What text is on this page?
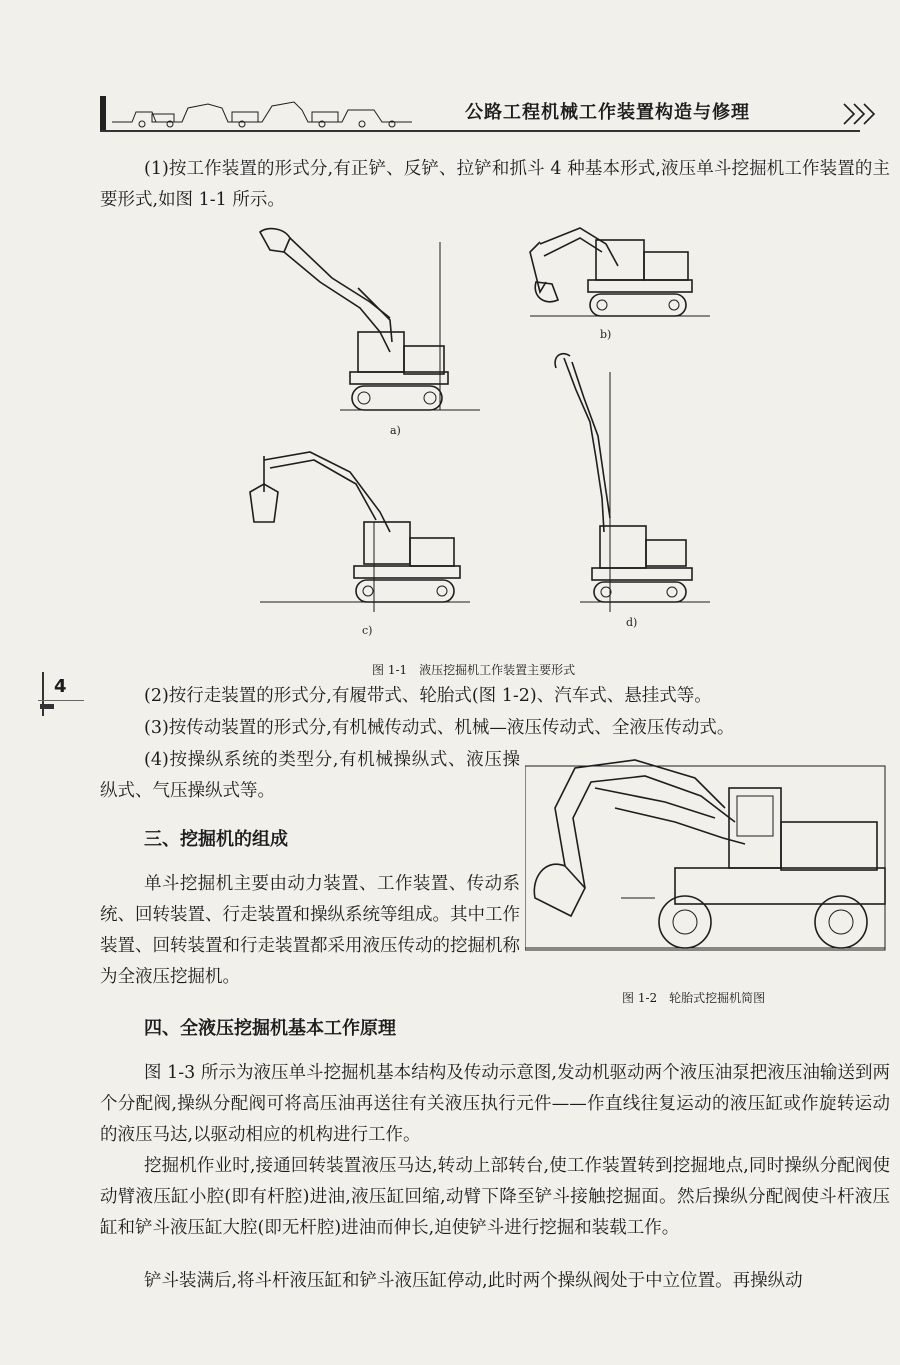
公路工程机械工作装置构造与修理
(1)按工作装置的形式分,有正铲、反铲、拉铲和抓斗 4 种基本形式,液压单斗挖掘机工作装置的主要形式,如图 1-1 所示。
a)
b)
c)
d)
图 1-1　液压挖掘机工作装置主要形式
4	(2)按行走装置的形式分,有履带式、轮胎式(图 1-2)、汽车式、悬挂式等。
(3)按传动装置的形式分,有机械传动式、机械—液压传动式、全液压传动式。
(4)按操纵系统的类型分,有机械操纵式、液压操纵式、气压操纵式等。
三、挖掘机的组成
单斗挖掘机主要由动力装置、工作装置、传动系统、回转装置、行走装置和操纵系统等组成。其中工作装置、回转装置和行走装置都采用液压传动的挖掘机称为全液压挖掘机。
图 1-2　轮胎式挖掘机简图
四、全液压挖掘机基本工作原理
图 1-3 所示为液压单斗挖掘机基本结构及传动示意图,发动机驱动两个液压油泵把液压油输送到两个分配阀,操纵分配阀可将高压油再送往有关液压执行元件——作直线往复运动的液压缸或作旋转运动的液压马达,以驱动相应的机构进行工作。
挖掘机作业时,接通回转装置液压马达,转动上部转台,使工作装置转到挖掘地点,同时操纵分配阀使动臂液压缸小腔(即有杆腔)进油,液压缸回缩,动臂下降至铲斗接触挖掘面。然后操纵分配阀使斗杆液压缸和铲斗液压缸大腔(即无杆腔)进油而伸长,迫使铲斗进行挖掘和装载工作。
铲斗装满后,将斗杆液压缸和铲斗液压缸停动,此时两个操纵阀处于中立位置。再操纵动
